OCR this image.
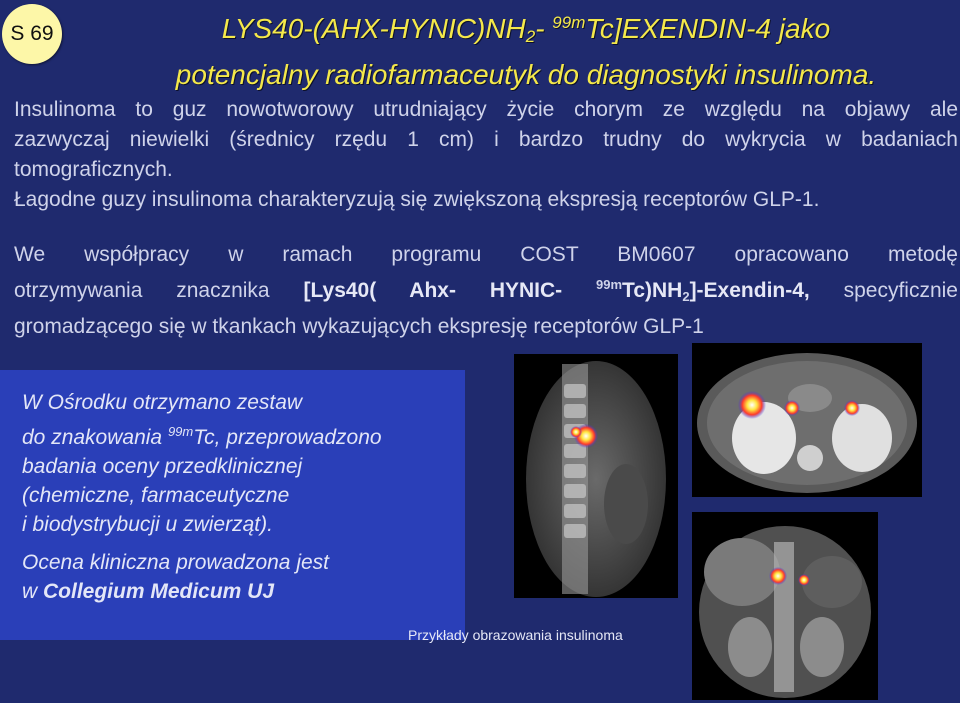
S 69	$LYS40-(AHX-HYNIC)NH_2-$ $^{99m}$Tc]EXENDIN-4 jako
potencjalny radiofarmaceutyk do diagnostyki insulinoma.
Insulinoma to guz nowotworowy utrudniający życie chorym ze względu na objawy ale
zazwyczaj niewielki (średnicy rzędu 1 cm) i bardzo trudny do wykrycia w badaniach
tomograficznych.
Łagodne guzy insulinoma charakteryzują się zwiększoną ekspresją receptorów GLP-1.
We współpracy w ramach programu COST BM0607 opracowano metodę
otrzymywania znacznika [Lys40( Ahx- HYNIC- $^{99m}Tc)NH_2]-Exendin-4$, specyficznie
gromadzącego się w tkankach wykazujących ekspresję receptorów GLP-1
W Ośrodku otrzymano zestaw
do znakowania $^{99m}$Tc, przeprowadzono
badania oceny przedklinicznej
(chemiczne, farmaceutyczne
i biodystrybucji u zwierząt).
Ocena kliniczna prowadzona jest
w Collegium Medicum UJ
Przykłady obrazowania insulinoma
